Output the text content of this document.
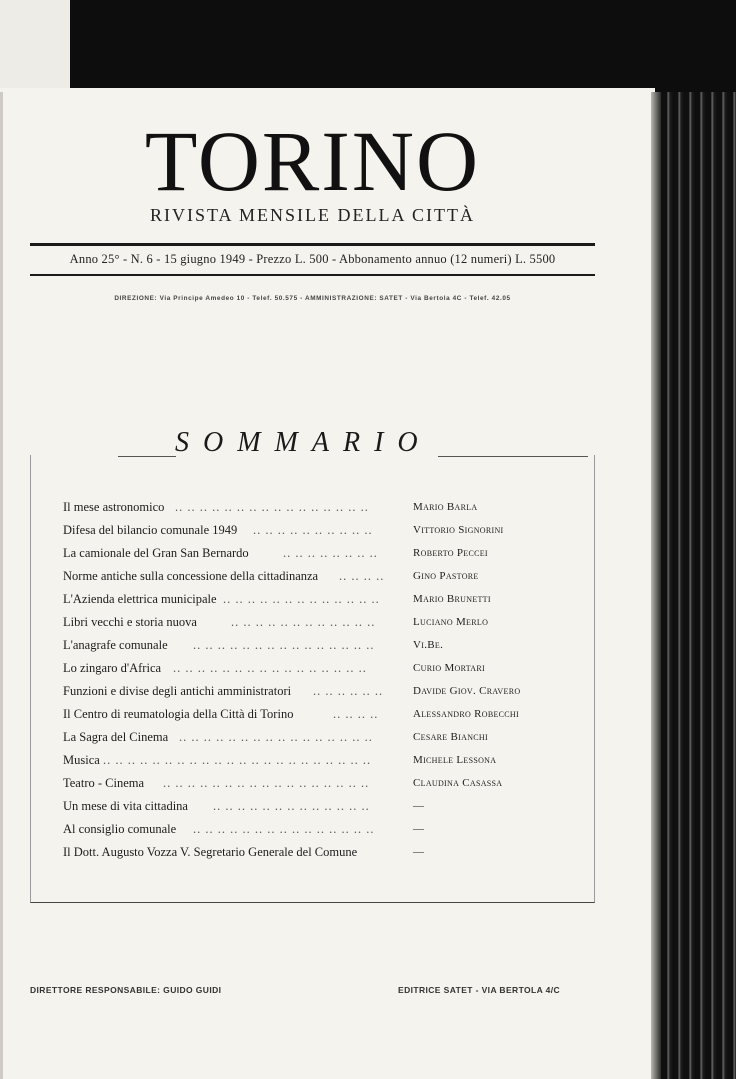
TORINO
RIVISTA MENSILE DELLA CITTÀ
Anno 25° - N. 6 - 15 giugno 1949 - Prezzo L. 500 - Abbonamento annuo (12 numeri) L. 5500
DIREZIONE: Via Principe Amedeo 10 - Telef. 50.575 - AMMINISTRAZIONE: SATET - Via Bertola 4C - Telef. 42.05
SOMMARIO
Il mese astronomico .. .. .. .. .. .. .. .. .. .. .. .. .. .. .. ..	Mario Barla
Difesa del bilancio comunale 1949 .. .. .. .. .. .. .. .. .. ..	Vittorio Signorini
La camionale del Gran San Bernardo	.. .. .. .. .. .. .. ..	Roberto Peccei
Norme antiche sulla concessione della cittadinanza .. .. .. ..	Gino Pastore
L'Azienda elettrica municipale .. .. .. .. .. .. .. .. .. .. .. .. ..	Mario Brunetti
Libri vecchi e storia nuova	.. .. .. .. .. .. .. .. .. .. .. ..	Luciano Merlo
L'anagrafe comunale .. .. .. .. .. .. .. .. .. .. .. .. .. .. ..	Vi.Be.
Lo zingaro d'Africa .. .. .. .. .. .. .. .. .. .. .. .. .. .. .. ..	Curio Mortari
Funzioni e divise degli antichi amministratori .. .. .. .. .. ..	Davide Giov. Cravero
Il Centro di reumatologia della Città di Torino	.. .. .. ..	Alessandro Robecchi
La Sagra del Cinema .. .. .. .. .. .. .. .. .. .. .. .. .. .. .. ..	Cesare Bianchi
Musica .. .. .. .. .. .. .. .. .. .. .. .. .. .. .. .. .. .. .. .. .. ..	Michele Lessona
Teatro - Cinema .. .. .. .. .. .. .. .. .. .. .. .. .. .. .. .. ..	Claudina Casassa
Un mese di vita cittadina .. .. .. .. .. .. .. .. .. .. .. .. ..	—
Al consiglio comunale .. .. .. .. .. .. .. .. .. .. .. .. .. .. ..	—
Il Dott. Augusto Vozza V. Segretario Generale del Comune	—
DIRETTORE RESPONSABILE: GUIDO GUIDI	EDITRICE SATET - VIA BERTOLA 4/C
